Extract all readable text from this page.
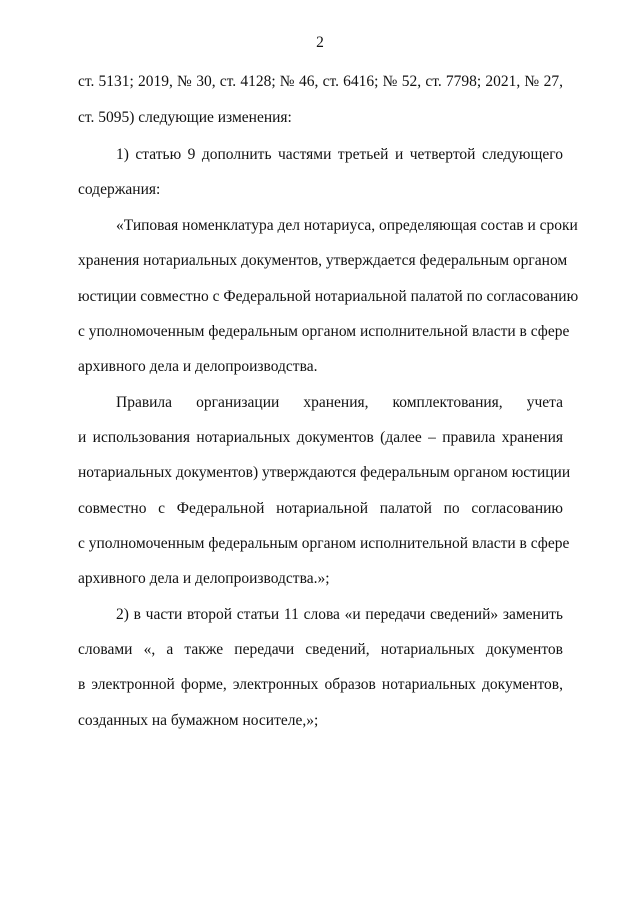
2
ст. 5131; 2019, № 30, ст. 4128; № 46, ст. 6416; № 52, ст. 7798; 2021, № 27,
ст. 5095) следующие изменения:
1) статью 9 дополнить частями третьей и четвертой следующего
содержания:
«Типовая номенклатура дел нотариуса, определяющая состав и сроки
хранения нотариальных документов, утверждается федеральным органом
юстиции совместно с Федеральной нотариальной палатой по согласованию
с уполномоченным федеральным органом исполнительной власти в сфере
архивного дела и делопроизводства.
Правила организации хранения, комплектования, учета
и использования нотариальных документов (далее – правила хранения
нотариальных документов) утверждаются федеральным органом юстиции
совместно с Федеральной нотариальной палатой по согласованию
с уполномоченным федеральным органом исполнительной власти в сфере
архивного дела и делопроизводства.»;
2) в части второй статьи 11 слова «и передачи сведений» заменить
словами «, а также передачи сведений, нотариальных документов
в электронной форме, электронных образов нотариальных документов,
созданных на бумажном носителе,»;
